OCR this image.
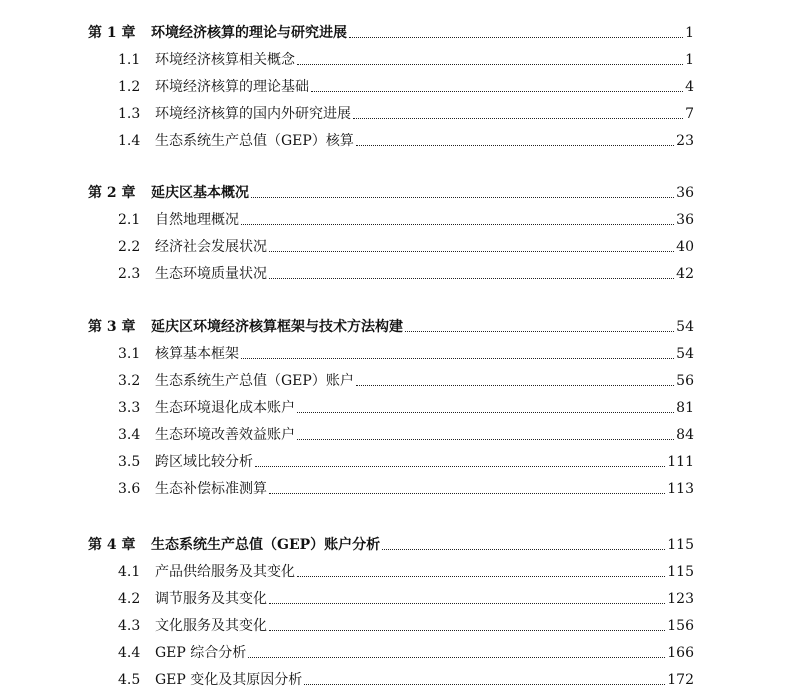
第 1 章 环境经济核算的理论与研究进展	1
1.1 环境经济核算相关概念	1
1.2 环境经济核算的理论基础	4
1.3 环境经济核算的国内外研究进展	7
1.4 生态系统生产总值（GEP）核算	23
第 2 章 延庆区基本概况	36
2.1 自然地理概况	36
2.2 经济社会发展状况	40
2.3 生态环境质量状况	42
第 3 章 延庆区环境经济核算框架与技术方法构建	54
3.1 核算基本框架	54
3.2 生态系统生产总值（GEP）账户	56
3.3 生态环境退化成本账户	81
3.4 生态环境改善效益账户	84
3.5 跨区域比较分析	111
3.6 生态补偿标准测算	113
第 4 章 生态系统生产总值（GEP）账户分析	115
4.1 产品供给服务及其变化	115
4.2 调节服务及其变化	123
4.3 文化服务及其变化	156
4.4 GEP 综合分析	166
4.5 GEP 变化及其原因分析	172
